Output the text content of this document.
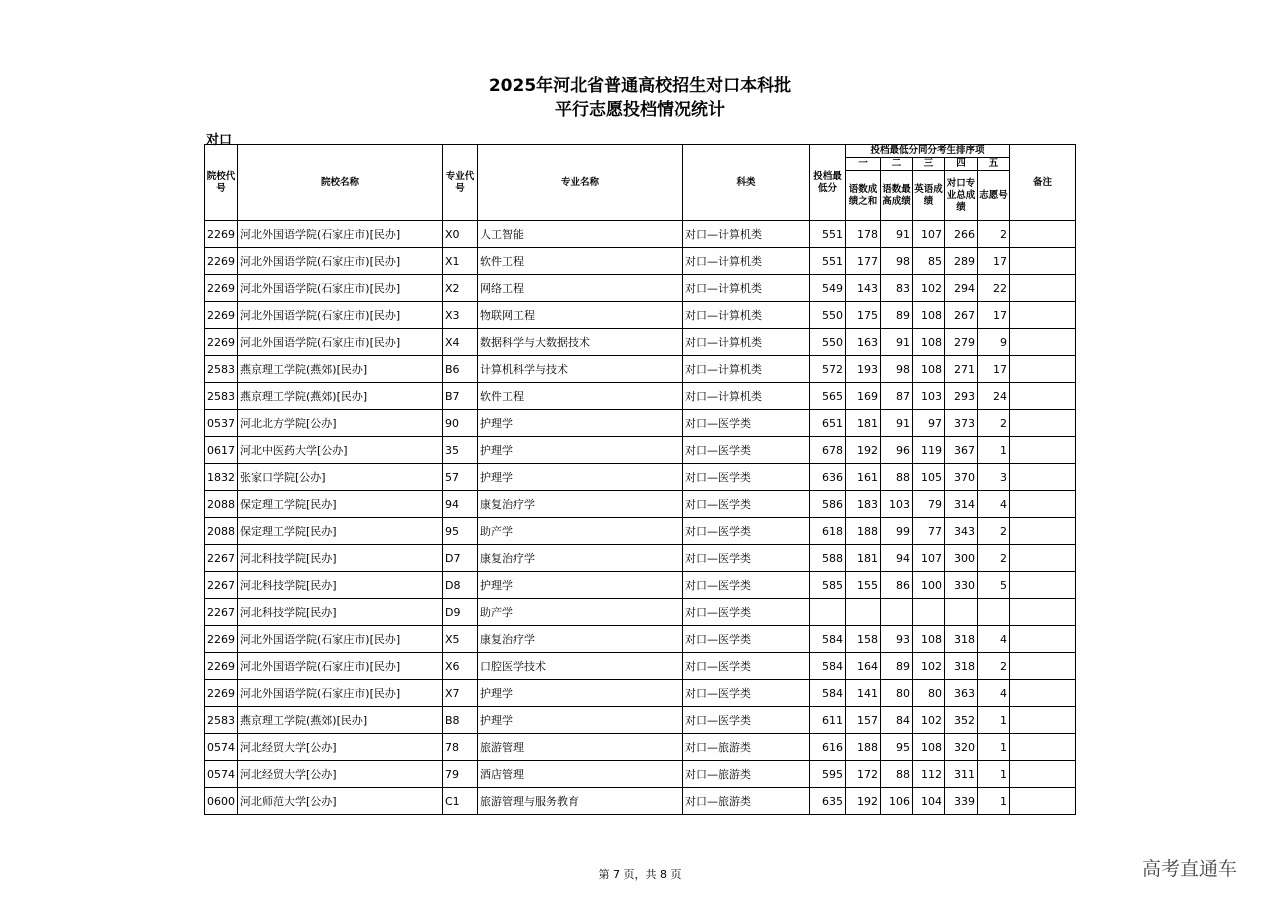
2025年河北省普通高校招生对口本科批
平行志愿投档情况统计
对口
院校代号	院校名称	专业代号	专业名称	科类	投档最低分	投档最低分同分考生排序项					备注
						一	二	三	四	五	
						语数成绩之和	语数最高成绩	英语成绩	对口专业总成绩	志愿号	
2269	河北外国语学院(石家庄市)[民办]	X0	人工智能	对口—计算机类	551	178	91	107	266	2	
2269	河北外国语学院(石家庄市)[民办]	X1	软件工程	对口—计算机类	551	177	98	85	289	17	
2269	河北外国语学院(石家庄市)[民办]	X2	网络工程	对口—计算机类	549	143	83	102	294	22	
2269	河北外国语学院(石家庄市)[民办]	X3	物联网工程	对口—计算机类	550	175	89	108	267	17	
2269	河北外国语学院(石家庄市)[民办]	X4	数据科学与大数据技术	对口—计算机类	550	163	91	108	279	9	
2583	燕京理工学院(燕郊)[民办]	B6	计算机科学与技术	对口—计算机类	572	193	98	108	271	17	
2583	燕京理工学院(燕郊)[民办]	B7	软件工程	对口—计算机类	565	169	87	103	293	24	
0537	河北北方学院[公办]	90	护理学	对口—医学类	651	181	91	97	373	2	
0617	河北中医药大学[公办]	35	护理学	对口—医学类	678	192	96	119	367	1	
1832	张家口学院[公办]	57	护理学	对口—医学类	636	161	88	105	370	3	
2088	保定理工学院[民办]	94	康复治疗学	对口—医学类	586	183	103	79	314	4	
2088	保定理工学院[民办]	95	助产学	对口—医学类	618	188	99	77	343	2	
2267	河北科技学院[民办]	D7	康复治疗学	对口—医学类	588	181	94	107	300	2	
2267	河北科技学院[民办]	D8	护理学	对口—医学类	585	155	86	100	330	5	
2267	河北科技学院[民办]	D9	助产学	对口—医学类							
2269	河北外国语学院(石家庄市)[民办]	X5	康复治疗学	对口—医学类	584	158	93	108	318	4	
2269	河北外国语学院(石家庄市)[民办]	X6	口腔医学技术	对口—医学类	584	164	89	102	318	2	
2269	河北外国语学院(石家庄市)[民办]	X7	护理学	对口—医学类	584	141	80	80	363	4	
2583	燕京理工学院(燕郊)[民办]	B8	护理学	对口—医学类	611	157	84	102	352	1	
0574	河北经贸大学[公办]	78	旅游管理	对口—旅游类	616	188	95	108	320	1	
0574	河北经贸大学[公办]	79	酒店管理	对口—旅游类	595	172	88	112	311	1	
0600	河北师范大学[公办]	C1	旅游管理与服务教育	对口—旅游类	635	192	106	104	339	1	
第 7 页，共 8 页	高考直通车
